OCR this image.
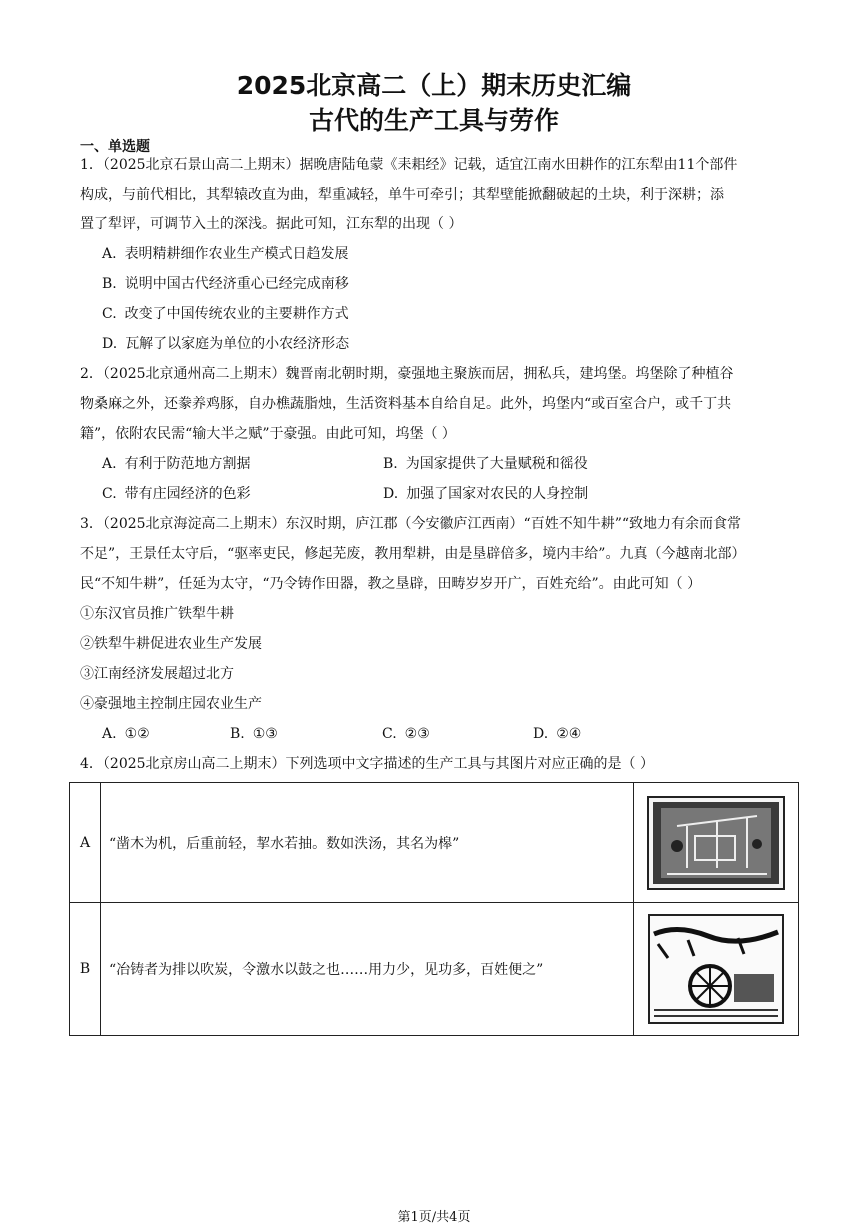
2025北京高二（上）期末历史汇编
古代的生产工具与劳作
一、单选题
1．（2025北京石景山高二上期末）据晚唐陆龟蒙《耒耜经》记载，适宜江南水田耕作的江东犁由11个部件
构成，与前代相比，其犁辕改直为曲，犁重减轻，单牛可牵引；其犁壁能掀翻破起的土块，利于深耕；添
置了犁评，可调节入土的深浅。据此可知，江东犁的出现（ ）
A. 表明精耕细作农业生产模式日趋发展
B. 说明中国古代经济重心已经完成南移
C. 改变了中国传统农业的主要耕作方式
D. 瓦解了以家庭为单位的小农经济形态
2．（2025北京通州高二上期末）魏晋南北朝时期，豪强地主聚族而居，拥私兵，建坞堡。坞堡除了种植谷
物桑麻之外，还豢养鸡豚，自办樵蔬脂烛，生活资料基本自给自足。此外，坞堡内“或百室合户，或千丁共
籍”，依附农民需“输大半之赋”于豪强。由此可知，坞堡（ ）
A. 有利于防范地方割据	B. 为国家提供了大量赋税和徭役
C. 带有庄园经济的色彩	D. 加强了国家对农民的人身控制
3．（2025北京海淀高二上期末）东汉时期，庐江郡（今安徽庐江西南）“百姓不知牛耕”“致地力有余而食常
不足”，王景任太守后，“驱率吏民，修起芜废，教用犁耕，由是垦辟倍多，境内丰给”。九真（今越南北部）
民“不知牛耕”，任延为太守，“乃令铸作田器，教之垦辟，田畴岁岁开广，百姓充给”。由此可知（ ）
①东汉官员推广铁犁牛耕
②铁犁牛耕促进农业生产发展
③江南经济发展超过北方
④豪强地主控制庄园农业生产
A. ①②	B. ①③	C. ②③	D. ②④
4．（2025北京房山高二上期末）下列选项中文字描述的生产工具与其图片对应正确的是（ ）
A	“凿木为机，后重前轻，挈水若抽。数如泆汤，其名为槔”	

B	“冶铸者为排以吹炭，令激水以鼓之也……用力少，见功多，百姓便之”	
第1页/共4页
